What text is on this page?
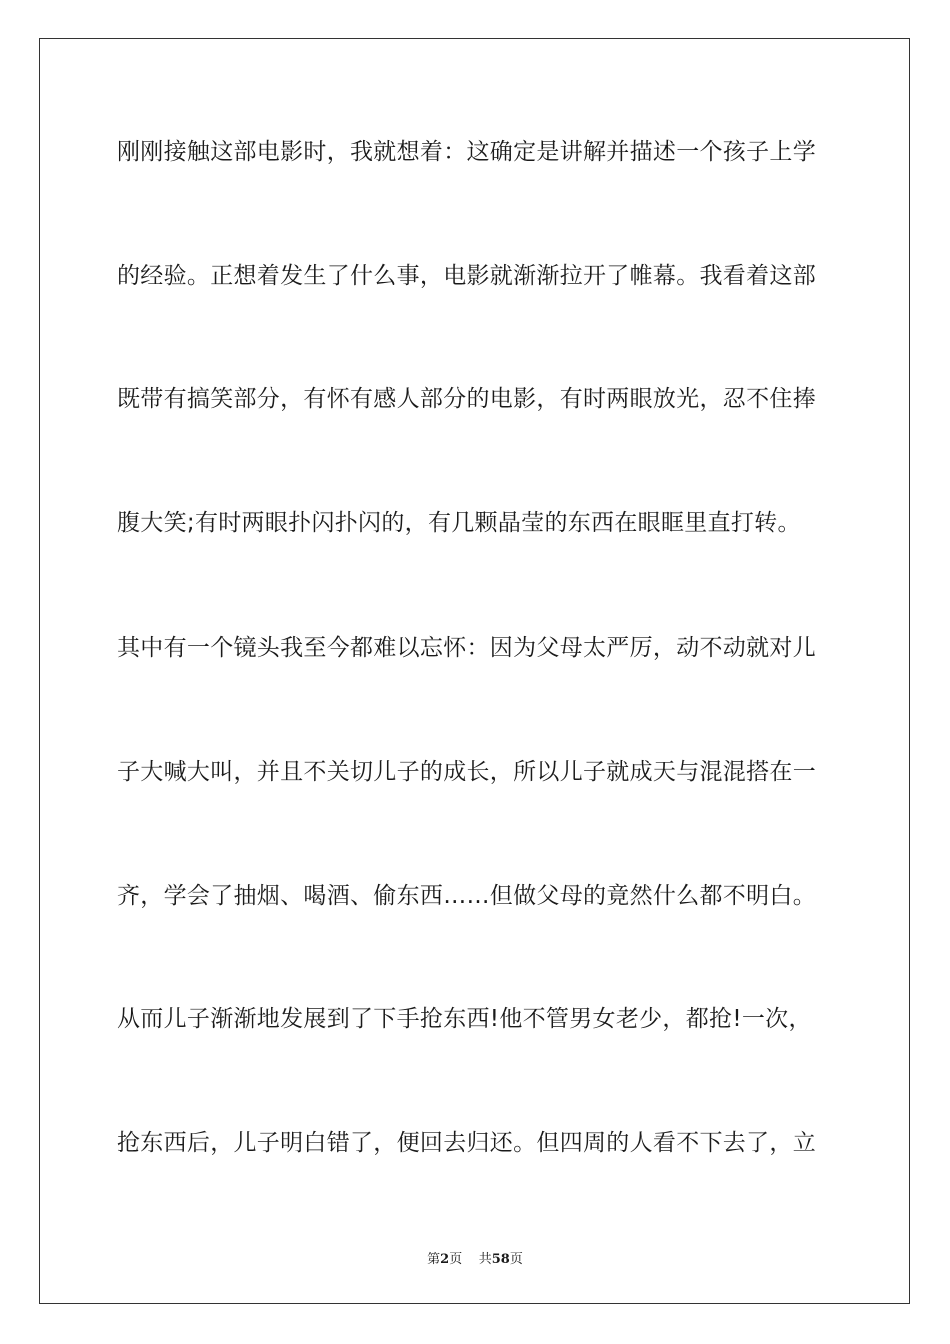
刚刚接触这部电影时，我就想着：这确定是讲解并描述一个孩子上学

的经验。正想着发生了什么事，电影就渐渐拉开了帷幕。我看着这部

既带有搞笑部分，有怀有感人部分的电影，有时两眼放光，忍不住捧

腹大笑;有时两眼扑闪扑闪的，有几颗晶莹的东西在眼眶里直打转。

其中有一个镜头我至今都难以忘怀：因为父母太严厉，动不动就对儿

子大喊大叫，并且不关切儿子的成长，所以儿子就成天与混混搭在一

齐，学会了抽烟、喝酒、偷东西……但做父母的竟然什么都不明白。

从而儿子渐渐地发展到了下手抢东西!他不管男女老少，都抢!一次，

抢东西后，儿子明白错了，便回去归还。但四周的人看不下去了，立

第2页 共58页
